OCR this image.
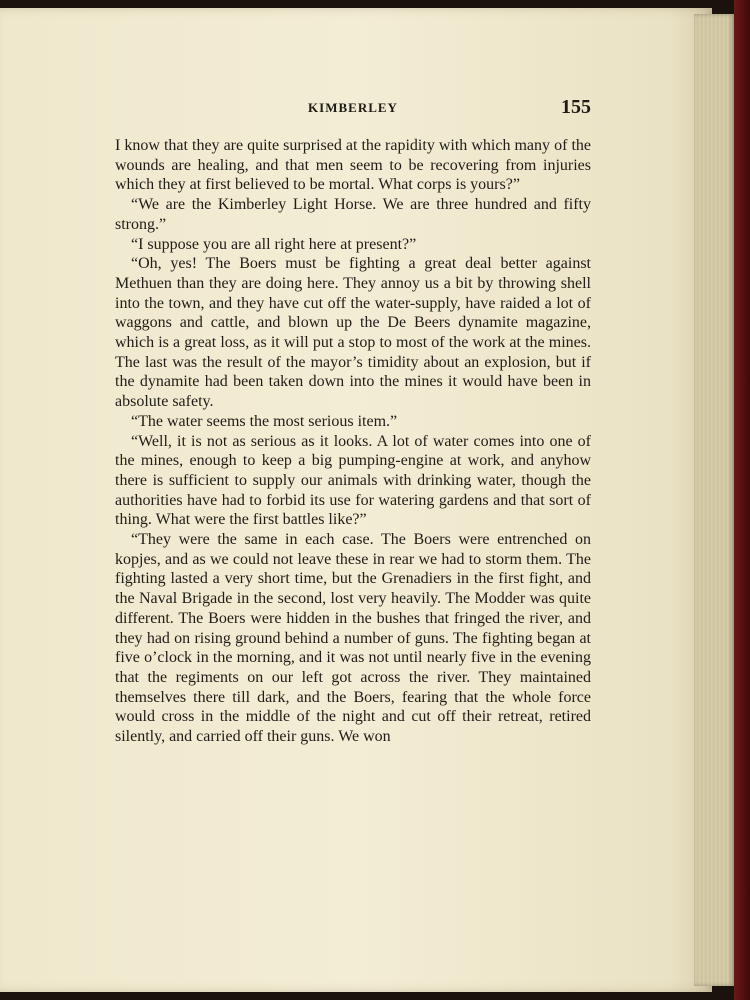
KIMBERLEY	155

I know that they are quite surprised at the rapidity with which many of the wounds are healing, and that men seem to be recovering from injuries which they at first believed to be mortal. What corps is yours?”

“We are the Kimberley Light Horse. We are three hundred and fifty strong.”

“I suppose you are all right here at present?”

“Oh, yes! The Boers must be fighting a great deal better against Methuen than they are doing here. They annoy us a bit by throwing shell into the town, and they have cut off the water-supply, have raided a lot of waggons and cattle, and blown up the De Beers dynamite magazine, which is a great loss, as it will put a stop to most of the work at the mines. The last was the result of the mayor’s timidity about an explosion, but if the dynamite had been taken down into the mines it would have been in absolute safety.

“The water seems the most serious item.”

“Well, it is not as serious as it looks. A lot of water comes into one of the mines, enough to keep a big pumping-engine at work, and anyhow there is sufficient to supply our animals with drinking water, though the authorities have had to forbid its use for watering gardens and that sort of thing. What were the first battles like?”

“They were the same in each case. The Boers were entrenched on kopjes, and as we could not leave these in rear we had to storm them. The fighting lasted a very short time, but the Grenadiers in the first fight, and the Naval Brigade in the second, lost very heavily. The Modder was quite different. The Boers were hidden in the bushes that fringed the river, and they had on rising ground behind a number of guns. The fighting began at five o’clock in the morning, and it was not until nearly five in the evening that the regiments on our left got across the river. They maintained themselves there till dark, and the Boers, fearing that the whole force would cross in the middle of the night and cut off their retreat, retired silently, and carried off their guns. We won
